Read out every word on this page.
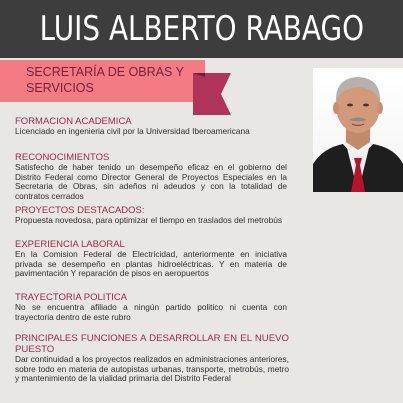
LUIS ALBERTO RABAGO
SECRETARÍA DE OBRAS Y SERVICIOS
FORMACION ACADEMICA
Licenciado en ingenieria civil por la Universidad Iberoamericana
RECONOCIMIENTOS
Satisfecho de haber tenido un desempeño eficaz en el gobierno del Distrito Federal como Director General de Proyectos Especiales en la Secretaria de Obras, sin adeños ni adeudos y con la totalidad de contratos cerrados
PROYECTOS DESTACADOS:
Propuesta novedosa, para optimizar el tiempo en traslados del metrobús
EXPERIENCIA LABORAL
En la Comision Federal de Electricidad, anteriormente en iniciativa privada se desempeño en plantas hidroeléctricas. Y en materia de pavimentación Y reparación de pisos en aeropuertos
TRAYECTORIA POLITICA
No se encuentra afiliado a ningún partido politico ni cuenta con trayectoria dentro de este rubro
PRINCIPALES FUNCIONES A DESARROLLAR EN EL NUEVO PUESTO
Dar continuidad a los proyectos realizados en administraciones anteriores, sobre todo en materia de autopistas urbanas, transporte, metrobús, metro y mantenimiento de la vialidad primaria del Distrito Federal
